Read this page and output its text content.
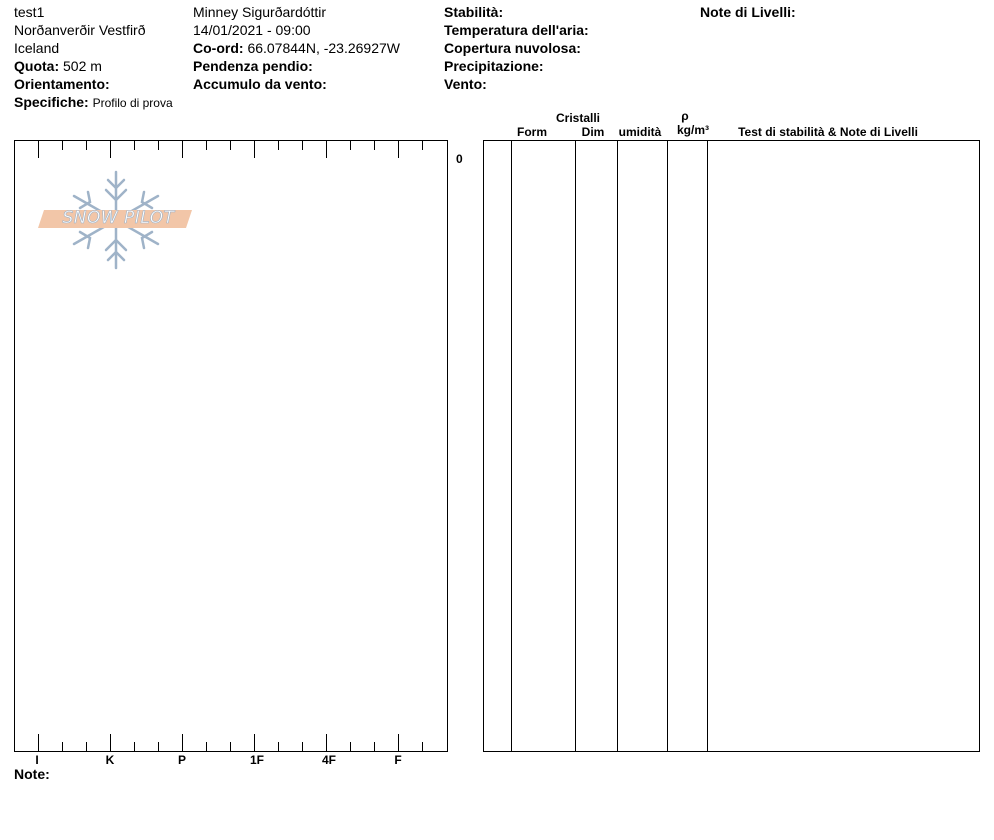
test1
Norðanverðir Vestfirð
Iceland
Quota: 502 m
Orientamento:
Specifiche: Profilo di prova
Minney Sigurðardóttir
14/01/2021 - 09:00
Co-ord: 66.07844N, -23.26927W
Pendenza pendio:
Accumulo da vento:
Stabilità:
Temperatura dell'aria:
Copertura nuvolosa:
Precipitazione:
Vento:
Note di Livelli:
I	K	P	1F	4F	F
Note:
0
SNOW PILOT
Cristalli
Form	Dim	umidità
ρ
kg/m³	Test di stabilità & Note di Livelli
